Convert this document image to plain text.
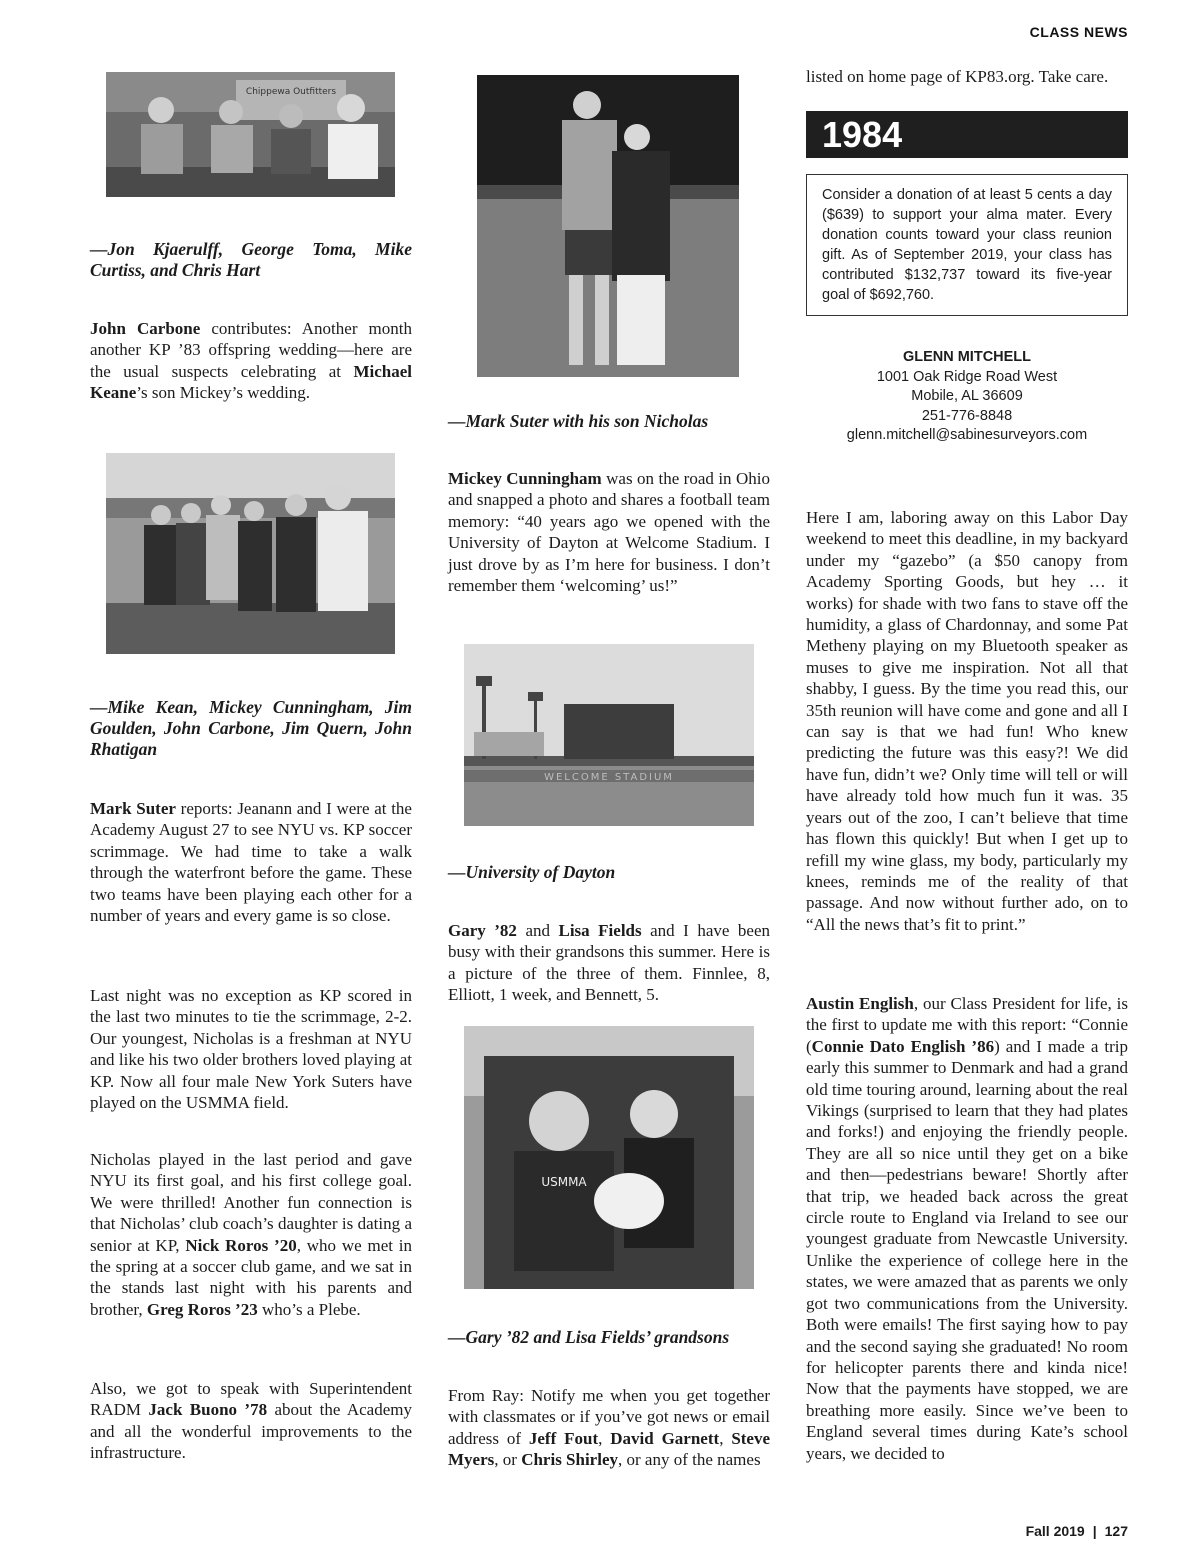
CLASS NEWS
Chippewa Outfitters
—Jon Kjaerulff, George Toma, Mike Curtiss, and Chris Hart

John Carbone contributes: Another month another KP ’83 offspring wedding—here are the usual suspects celebrating at Michael Keane’s son Mickey’s wedding.

—Mike Kean, Mickey Cunningham, Jim Goulden, John Carbone, Jim Quern, John Rhatigan

Mark Suter reports: Jeanann and I were at the Academy August 27 to see NYU vs. KP soccer scrimmage. We had time to take a walk through the waterfront before the game. These two teams have been playing each other for a number of years and every game is so close.

Last night was no exception as KP scored in the last two minutes to tie the scrimmage, 2-2. Our youngest, Nicholas is a freshman at NYU and like his two older brothers loved playing at KP. Now all four male New York Suters have played on the USMMA field.

Nicholas played in the last period and gave NYU its first goal, and his first college goal. We were thrilled! Another fun connection is that Nicholas’ club coach’s daughter is dating a senior at KP, Nick Roros ’20, who we met in the spring at a soccer club game, and we sat in the stands last night with his parents and brother, Greg Roros ’23 who’s a Plebe.

Also, we got to speak with Superintendent RADM Jack Buono ’78 about the Academy and all the wonderful improvements to the infrastructure.

—Mark Suter with his son Nicholas

Mickey Cunningham was on the road in Ohio and snapped a photo and shares a football team memory: “40 years ago we opened with the University of Dayton at Welcome Stadium. I just drove by as I’m here for business. I don’t remember them ‘welcoming’ us!”

WELCOME STADIUM
—University of Dayton

Gary ’82 and Lisa Fields and I have been busy with their grandsons this summer. Here is a picture of the three of them. Finnlee, 8, Elliott, 1 week, and Bennett, 5.

USMMA
—Gary ’82 and Lisa Fields’ grandsons

From Ray: Notify me when you get together with classmates or if you’ve got news or email address of Jeff Fout, David Garnett, Steve Myers, or Chris Shirley, or any of the names

listed on home page of KP83.org. Take care.
1984
Consider a donation of at least 5 cents a day ($639) to support your alma mater. Every donation counts toward your class reunion gift. As of September 2019, your class has contributed $132,737 toward its five-year goal of $692,760.
GLENN MITCHELL
1001 Oak Ridge Road West
Mobile, AL 36609
251-776-8848
glenn.mitchell@sabinesurveyors.com

Here I am, laboring away on this Labor Day weekend to meet this deadline, in my backyard under my “gazebo” (a $50 canopy from Academy Sporting Goods, but hey … it works) for shade with two fans to stave off the humidity, a glass of Chardonnay, and some Pat Metheny playing on my Bluetooth speaker as muses to give me inspiration. Not all that shabby, I guess. By the time you read this, our 35th reunion will have come and gone and all I can say is that we had fun! Who knew predicting the future was this easy?! We did have fun, didn’t we? Only time will tell or will have already told how much fun it was. 35 years out of the zoo, I can’t believe that time has flown this quickly! But when I get up to refill my wine glass, my body, particularly my knees, reminds me of the reality of that passage. And now without further ado, on to “All the news that’s fit to print.”

Austin English, our Class President for life, is the first to update me with this report: “Connie (Connie Dato English ’86) and I made a trip early this summer to Denmark and had a grand old time touring around, learning about the real Vikings (surprised to learn that they had plates and forks!) and enjoying the friendly people. They are all so nice until they get on a bike and then—pedestrians beware! Shortly after that trip, we headed back across the great circle route to England via Ireland to see our youngest graduate from Newcastle University. Unlike the experience of college here in the states, we were amazed that as parents we only got two communications from the University. Both were emails! The first saying how to pay and the second saying she graduated! No room for helicopter parents there and kinda nice! Now that the payments have stopped, we are breathing more easily. Since we’ve been to England several times during Kate’s school years, we decided to

Fall 2019 | 127
